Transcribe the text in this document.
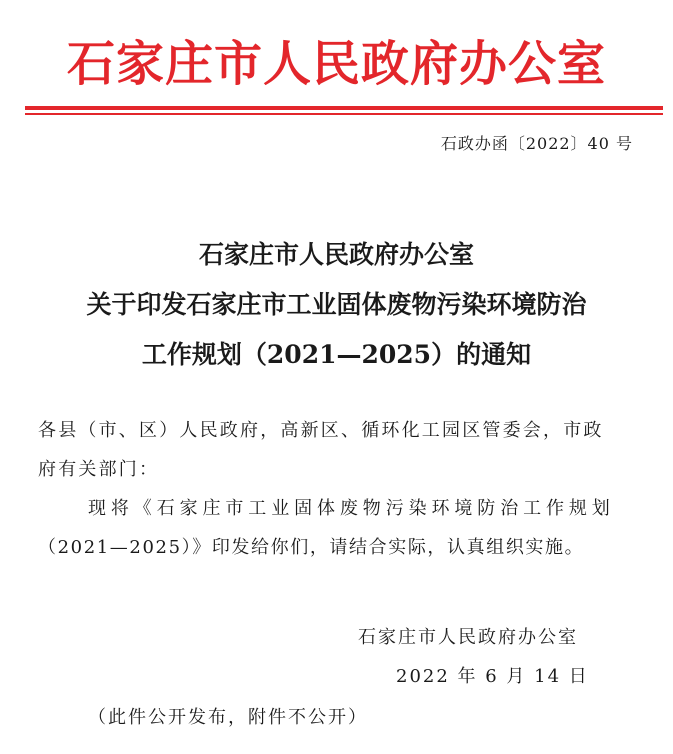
石家庄市人民政府办公室
石政办函〔2022〕40 号
石家庄市人民政府办公室
关于印发石家庄市工业固体废物污染环境防治
工作规划（2021—2025）的通知
各县（市、区）人民政府，高新区、循环化工园区管委会，市政
府有关部门：
现将《石家庄市工业固体废物污染环境防治工作规划
（2021—2025）》印发给你们，请结合实际，认真组织实施。
石家庄市人民政府办公室
2022 年 6 月 14 日
（此件公开发布，附件不公开）
